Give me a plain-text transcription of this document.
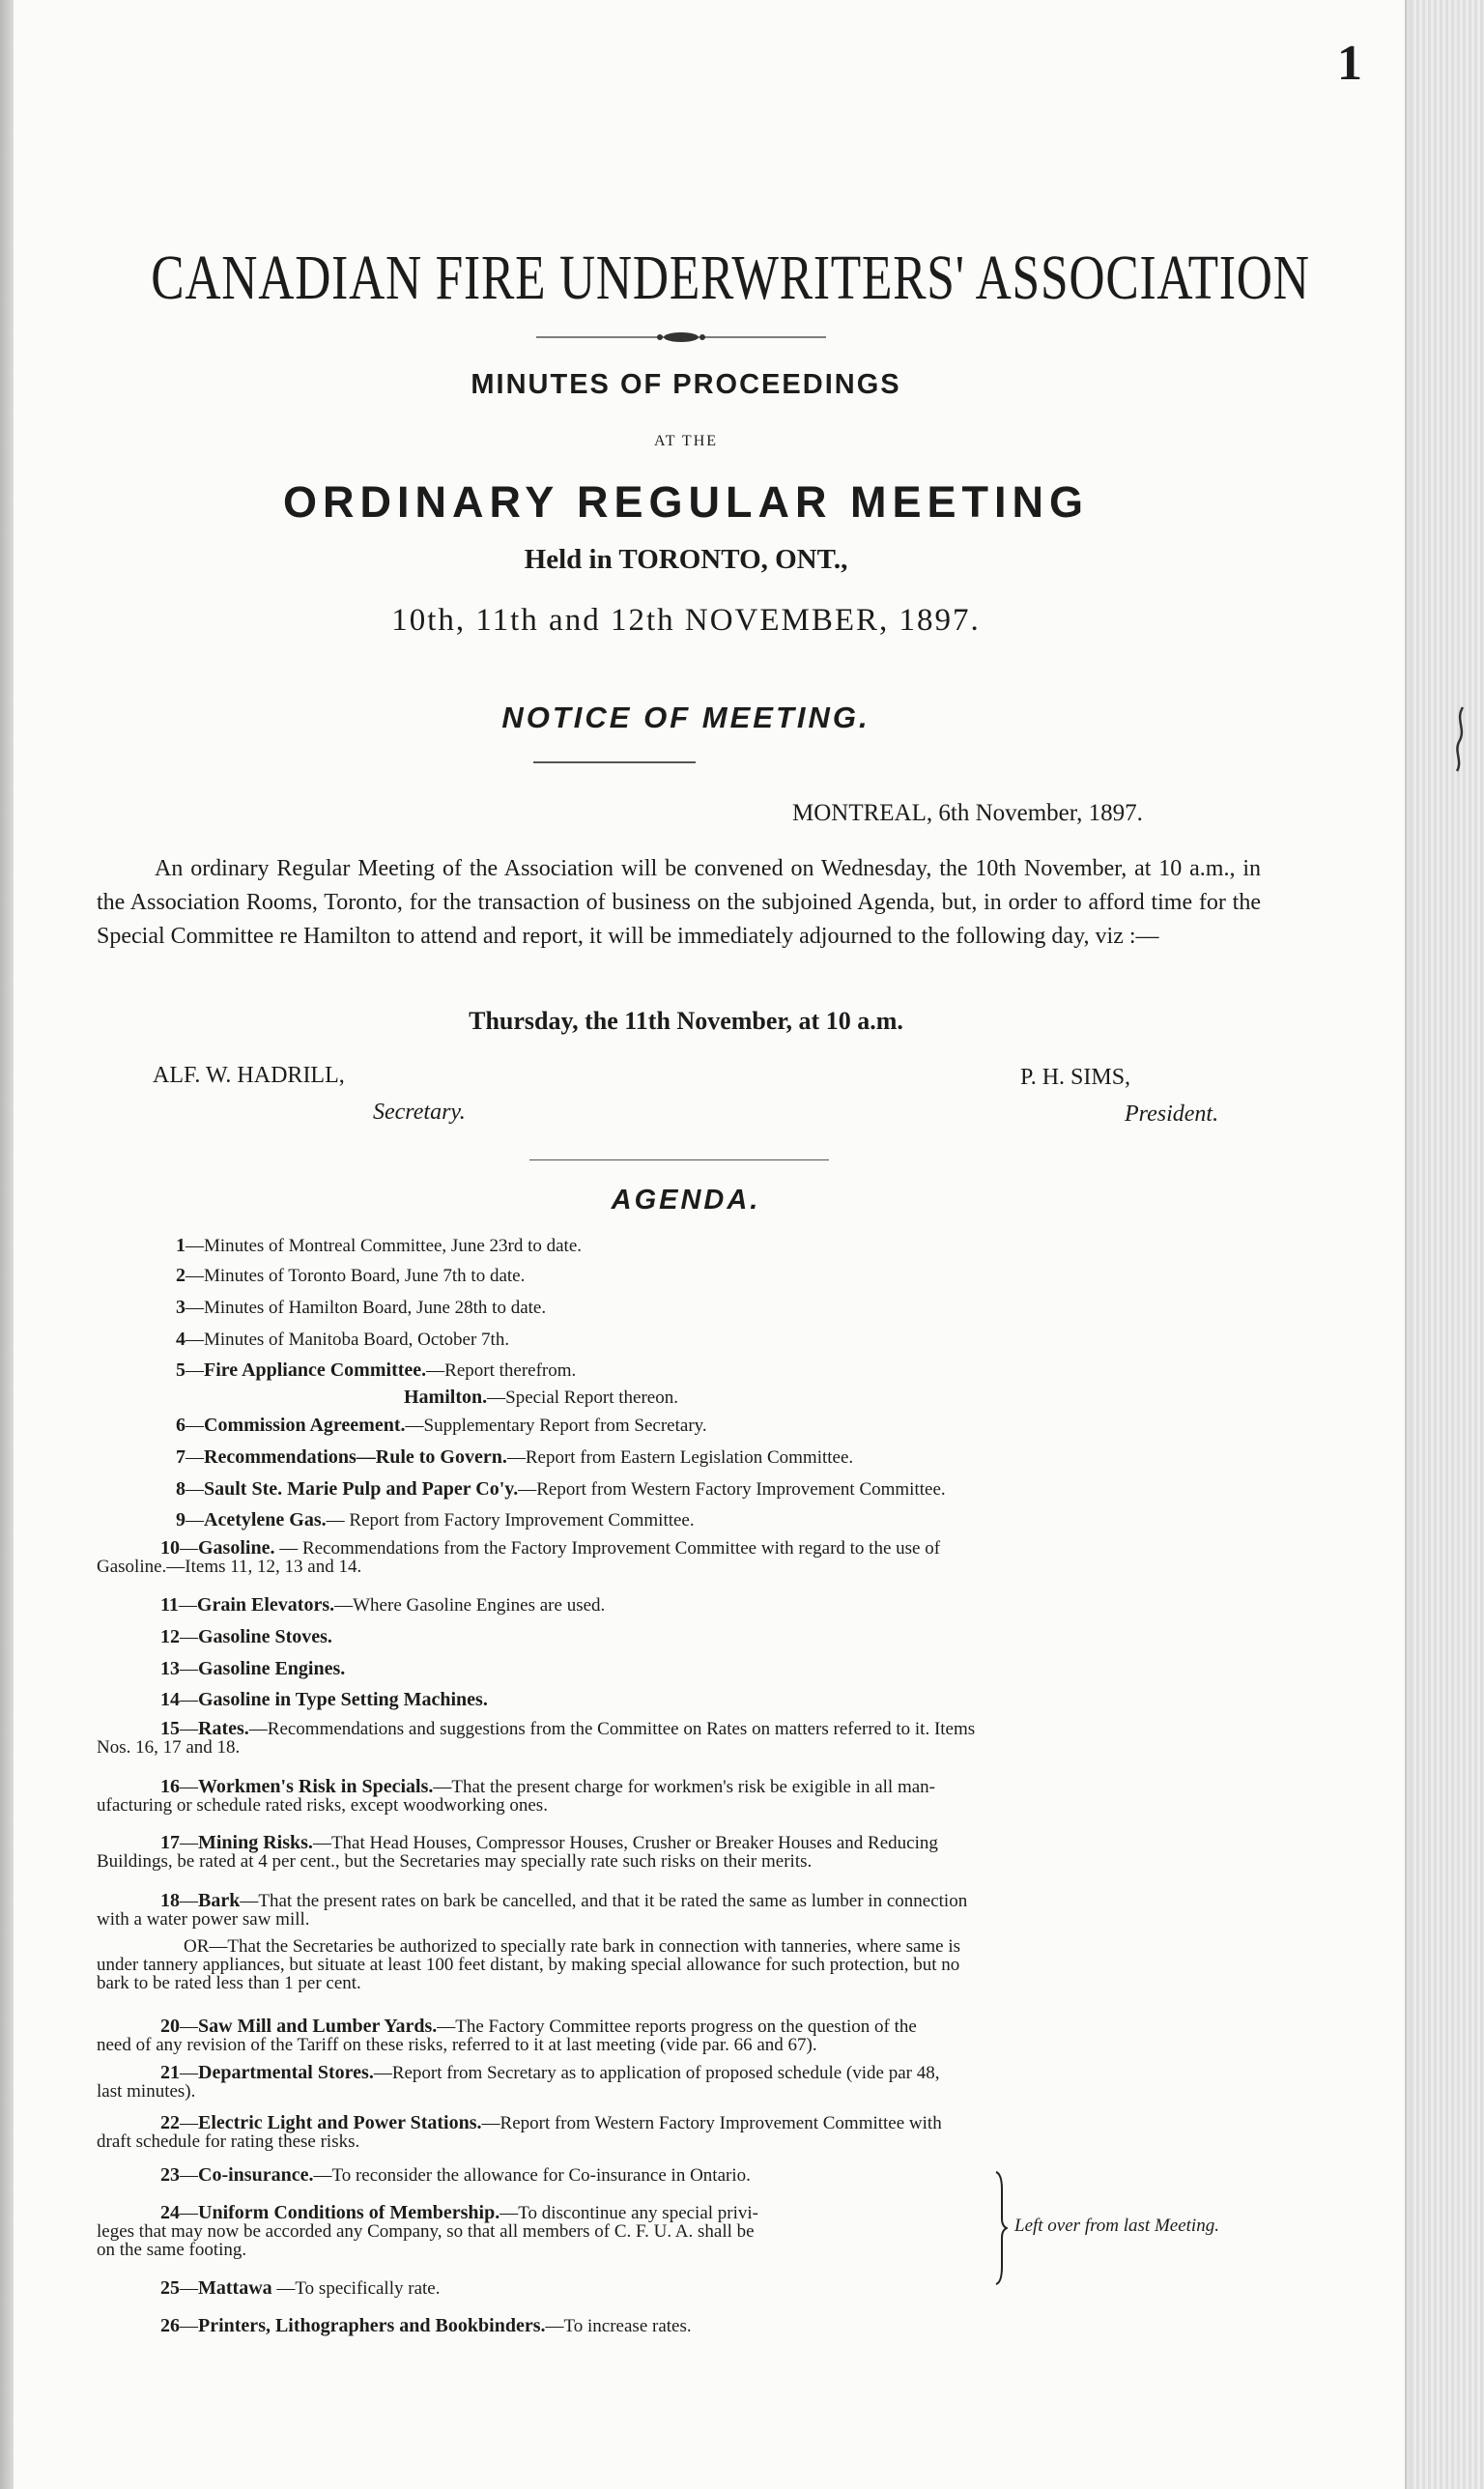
1
CANADIAN FIRE UNDERWRITERS' ASSOCIATION
MINUTES OF PROCEEDINGS
AT THE
ORDINARY REGULAR MEETING
Held in TORONTO, ONT.,
10th, 11th and 12th NOVEMBER, 1897.
NOTICE OF MEETING.
MONTREAL, 6th November, 1897.
An ordinary Regular Meeting of the Association will be convened on Wednesday, the 10th November, at 10 a.m., in the Association Rooms, Toronto, for the transaction of business on the subjoined Agenda, but, in order to afford time for the Special Committee re Hamilton to attend and report, it will be immediately adjourned to the following day, viz :—
Thursday, the 11th November, at 10 a.m.
ALF. W. HADRILL,
Secretary.
P. H. SIMS,
President.
AGENDA.
1—Minutes of Montreal Committee, June 23rd to date.
2—Minutes of Toronto Board, June 7th to date.
3—Minutes of Hamilton Board, June 28th to date.
4—Minutes of Manitoba Board, October 7th.
5—Fire Appliance Committee.—Report therefrom.
Hamilton.—Special Report thereon.
6—Commission Agreement.—Supplementary Report from Secretary.
7—Recommendations—Rule to Govern.—Report from Eastern Legislation Committee.
8—Sault Ste. Marie Pulp and Paper Co'y.—Report from Western Factory Improvement Committee.
9—Acetylene Gas.— Report from Factory Improvement Committee.
10—Gasoline. — Recommendations from the Factory Improvement Committee with regard to the use of
Gasoline.—Items 11, 12, 13 and 14.
11—Grain Elevators.—Where Gasoline Engines are used.
12—Gasoline Stoves.
13—Gasoline Engines.
14—Gasoline in Type Setting Machines.
15—Rates.—Recommendations and suggestions from the Committee on Rates on matters referred to it. Items
Nos. 16, 17 and 18.
16—Workmen's Risk in Specials.—That the present charge for workmen's risk be exigible in all man-
ufacturing or schedule rated risks, except woodworking ones.
17—Mining Risks.—That Head Houses, Compressor Houses, Crusher or Breaker Houses and Reducing
Buildings, be rated at 4 per cent., but the Secretaries may specially rate such risks on their merits.
18—Bark—That the present rates on bark be cancelled, and that it be rated the same as lumber in connection
with a water power saw mill.
OR—That the Secretaries be authorized to specially rate bark in connection with tanneries, where same is
under tannery appliances, but situate at least 100 feet distant, by making special allowance for such protection, but no
bark to be rated less than 1 per cent.
20—Saw Mill and Lumber Yards.—The Factory Committee reports progress on the question of the
need of any revision of the Tariff on these risks, referred to it at last meeting (vide par. 66 and 67).
21—Departmental Stores.—Report from Secretary as to application of proposed schedule (vide par 48,
last minutes).
22—Electric Light and Power Stations.—Report from Western Factory Improvement Committee with
draft schedule for rating these risks.
23—Co-insurance.—To reconsider the allowance for Co-insurance in Ontario.
24—Uniform Conditions of Membership.—To discontinue any special privi-
leges that may now be accorded any Company, so that all members of C. F. U. A. shall be
on the same footing.
25—Mattawa —To specifically rate.
26—Printers, Lithographers and Bookbinders.—To increase rates.
Left over from last Meeting.
